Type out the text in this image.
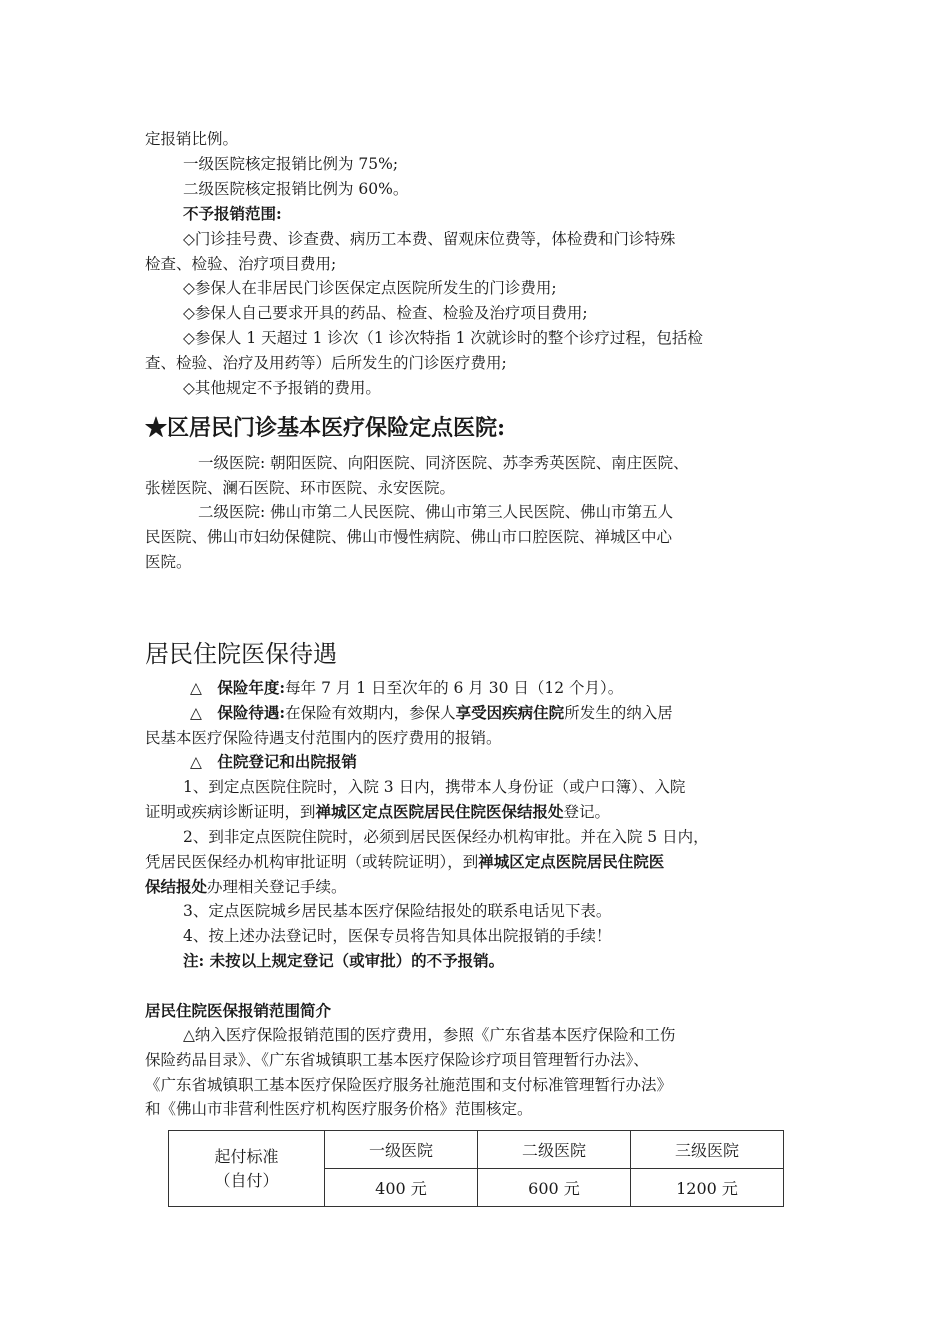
定报销比例。
一级医院核定报销比例为 75%;
二级医院核定报销比例为 60%。
不予报销范围:
◇门诊挂号费、诊查费、病历工本费、留观床位费等，体检费和门诊特殊
检查、检验、治疗项目费用;
◇参保人在非居民门诊医保定点医院所发生的门诊费用;
◇参保人自己要求开具的药品、检查、检验及治疗项目费用;
◇参保人 1 天超过 1 诊次（1 诊次特指 1 次就诊时的整个诊疗过程，包括检
查、检验、治疗及用药等）后所发生的门诊医疗费用;
◇其他规定不予报销的费用。
★区居民门诊基本医疗保险定点医院:
一级医院: 朝阳医院、向阳医院、同济医院、苏李秀英医院、南庄医院、
张槎医院、澜石医院、环市医院、永安医院。
二级医院: 佛山市第二人民医院、佛山市第三人民医院、佛山市第五人
民医院、佛山市妇幼保健院、佛山市慢性病院、佛山市口腔医院、禅城区中心
医院。
居民住院医保待遇
△　保险年度:每年 7 月 1 日至次年的 6 月 30 日（12 个月）。
△　保险待遇:在保险有效期内，参保人享受因疾病住院所发生的纳入居
民基本医疗保险待遇支付范围内的医疗费用的报销。
△　住院登记和出院报销
1、到定点医院住院时，入院 3 日内，携带本人身份证（或户口簿）、入院
证明或疾病诊断证明，到禅城区定点医院居民住院医保结报处登记。
2、到非定点医院住院时，必须到居民医保经办机构审批。并在入院 5 日内，
凭居民医保经办机构审批证明（或转院证明），到禅城区定点医院居民住院医
保结报处办理相关登记手续。
3、定点医院城乡居民基本医疗保险结报处的联系电话见下表。
4、按上述办法登记时，医保专员将告知具体出院报销的手续！
注: 未按以上规定登记（或审批）的不予报销。
居民住院医保报销范围简介
△纳入医疗保险报销范围的医疗费用，参照《广东省基本医疗保险和工伤
保险药品目录》、《广东省城镇职工基本医疗保险诊疗项目管理暂行办法》、
《广东省城镇职工基本医疗保险医疗服务社施范围和支付标准管理暂行办法》
和《佛山市非营利性医疗机构医疗服务价格》范围核定。
起付标准
（自付）	一级医院	二级医院	三级医院
	400 元	600 元	1200 元
